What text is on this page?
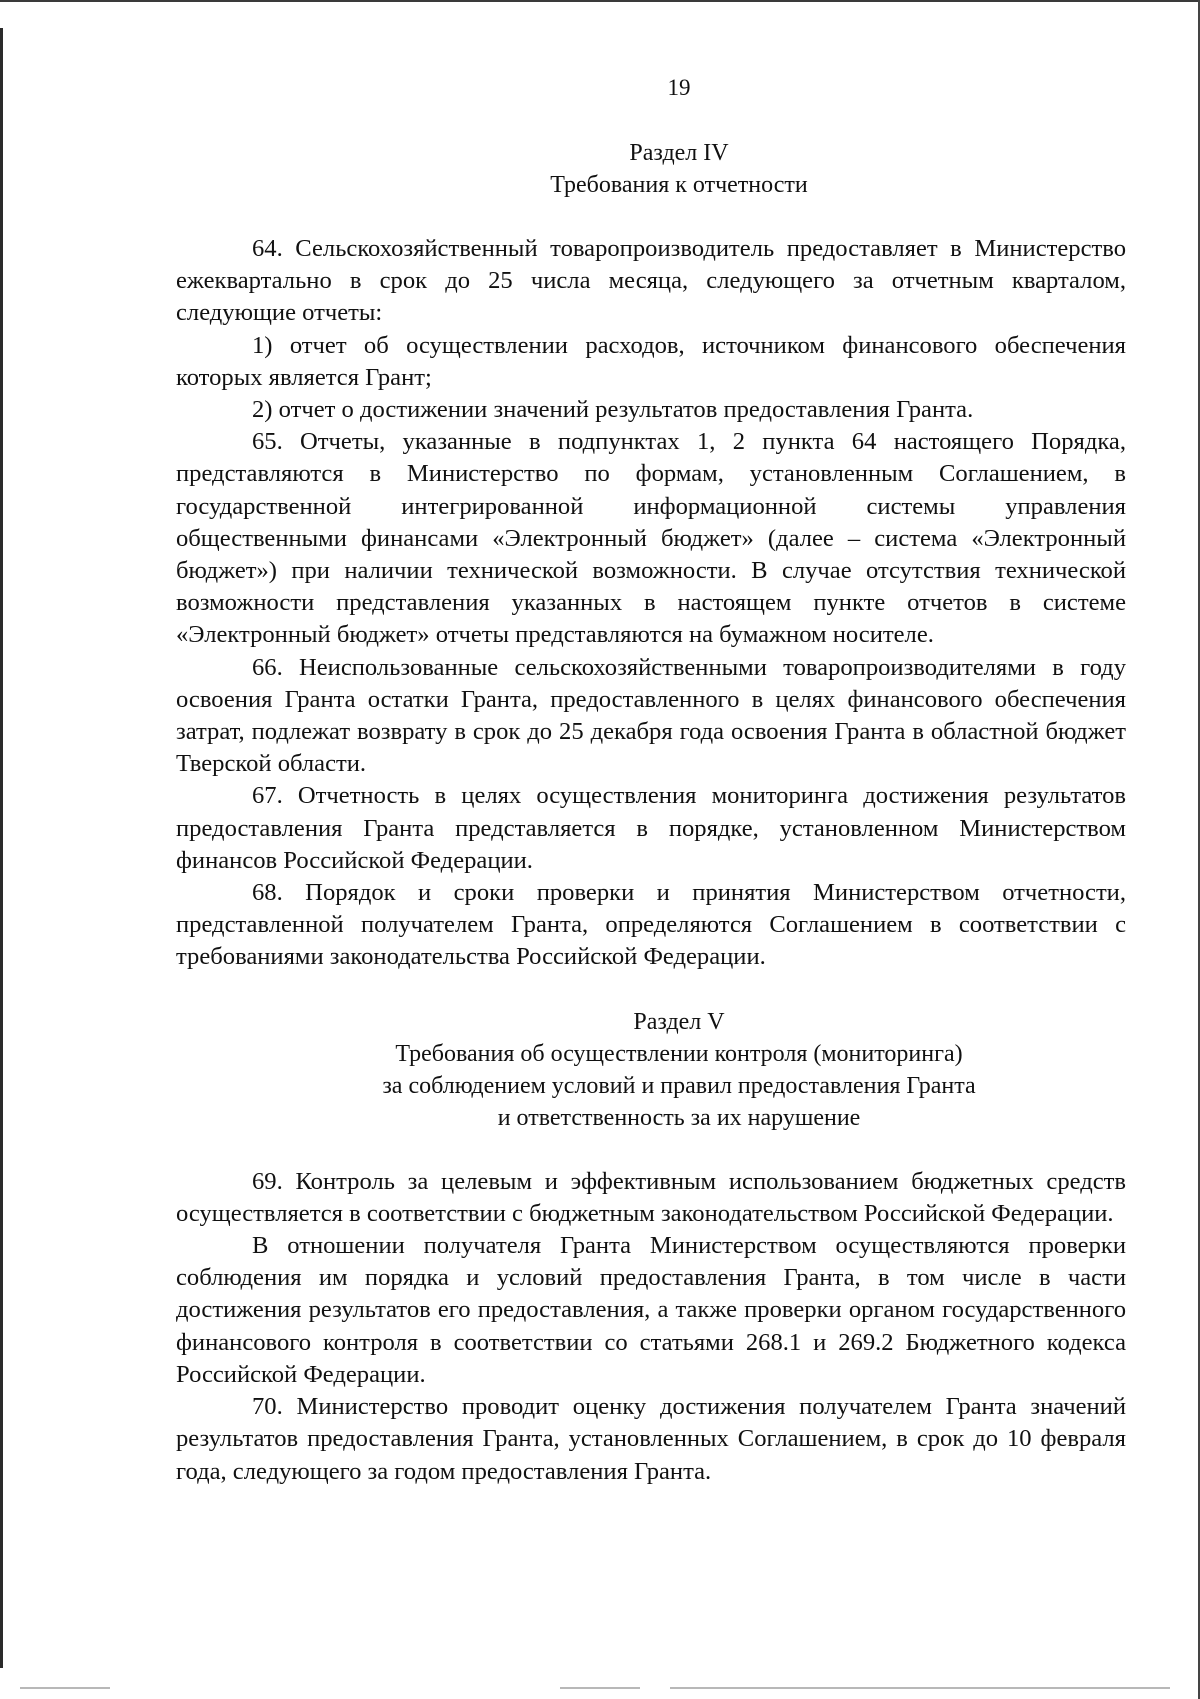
19
Раздел IV
Требования к отчетности

64. Сельскохозяйственный товаропроизводитель предоставляет в Министерство ежеквартально в срок до 25 числа месяца, следующего за отчетным кварталом, следующие отчеты:

1) отчет об осуществлении расходов, источником финансового обеспечения которых является Грант;

2) отчет о достижении значений результатов предоставления Гранта.

65. Отчеты, указанные в подпунктах 1, 2 пункта 64 настоящего Порядка, представляются в Министерство по формам, установленным Соглашением, в государственной интегрированной информационной системы управления общественными финансами «Электронный бюджет» (далее – система «Электронный бюджет») при наличии технической возможности. В случае отсутствия технической возможности представления указанных в настоящем пункте отчетов в системе «Электронный бюджет» отчеты представляются на бумажном носителе.

66. Неиспользованные сельскохозяйственными товаропроизводителями в году освоения Гранта остатки Гранта, предоставленного в целях финансового обеспечения затрат, подлежат возврату в срок до 25 декабря года освоения Гранта в областной бюджет Тверской области.

67. Отчетность в целях осуществления мониторинга достижения результатов предоставления Гранта представляется в порядке, установленном Министерством финансов Российской Федерации.

68. Порядок и сроки проверки и принятия Министерством отчетности, представленной получателем Гранта, определяются Соглашением в соответствии с требованиями законодательства Российской Федерации.

Раздел V
Требования об осуществлении контроля (мониторинга)
за соблюдением условий и правил предоставления Гранта
и ответственность за их нарушение

69. Контроль за целевым и эффективным использованием бюджетных средств осуществляется в соответствии с бюджетным законодательством Российской Федерации.

В отношении получателя Гранта Министерством осуществляются проверки соблюдения им порядка и условий предоставления Гранта, в том числе в части достижения результатов его предоставления, а также проверки органом государственного финансового контроля в соответствии со статьями 268.1 и 269.2 Бюджетного кодекса Российской Федерации.

70. Министерство проводит оценку достижения получателем Гранта значений результатов предоставления Гранта, установленных Соглашением, в срок до 10 февраля года, следующего за годом предоставления Гранта.
